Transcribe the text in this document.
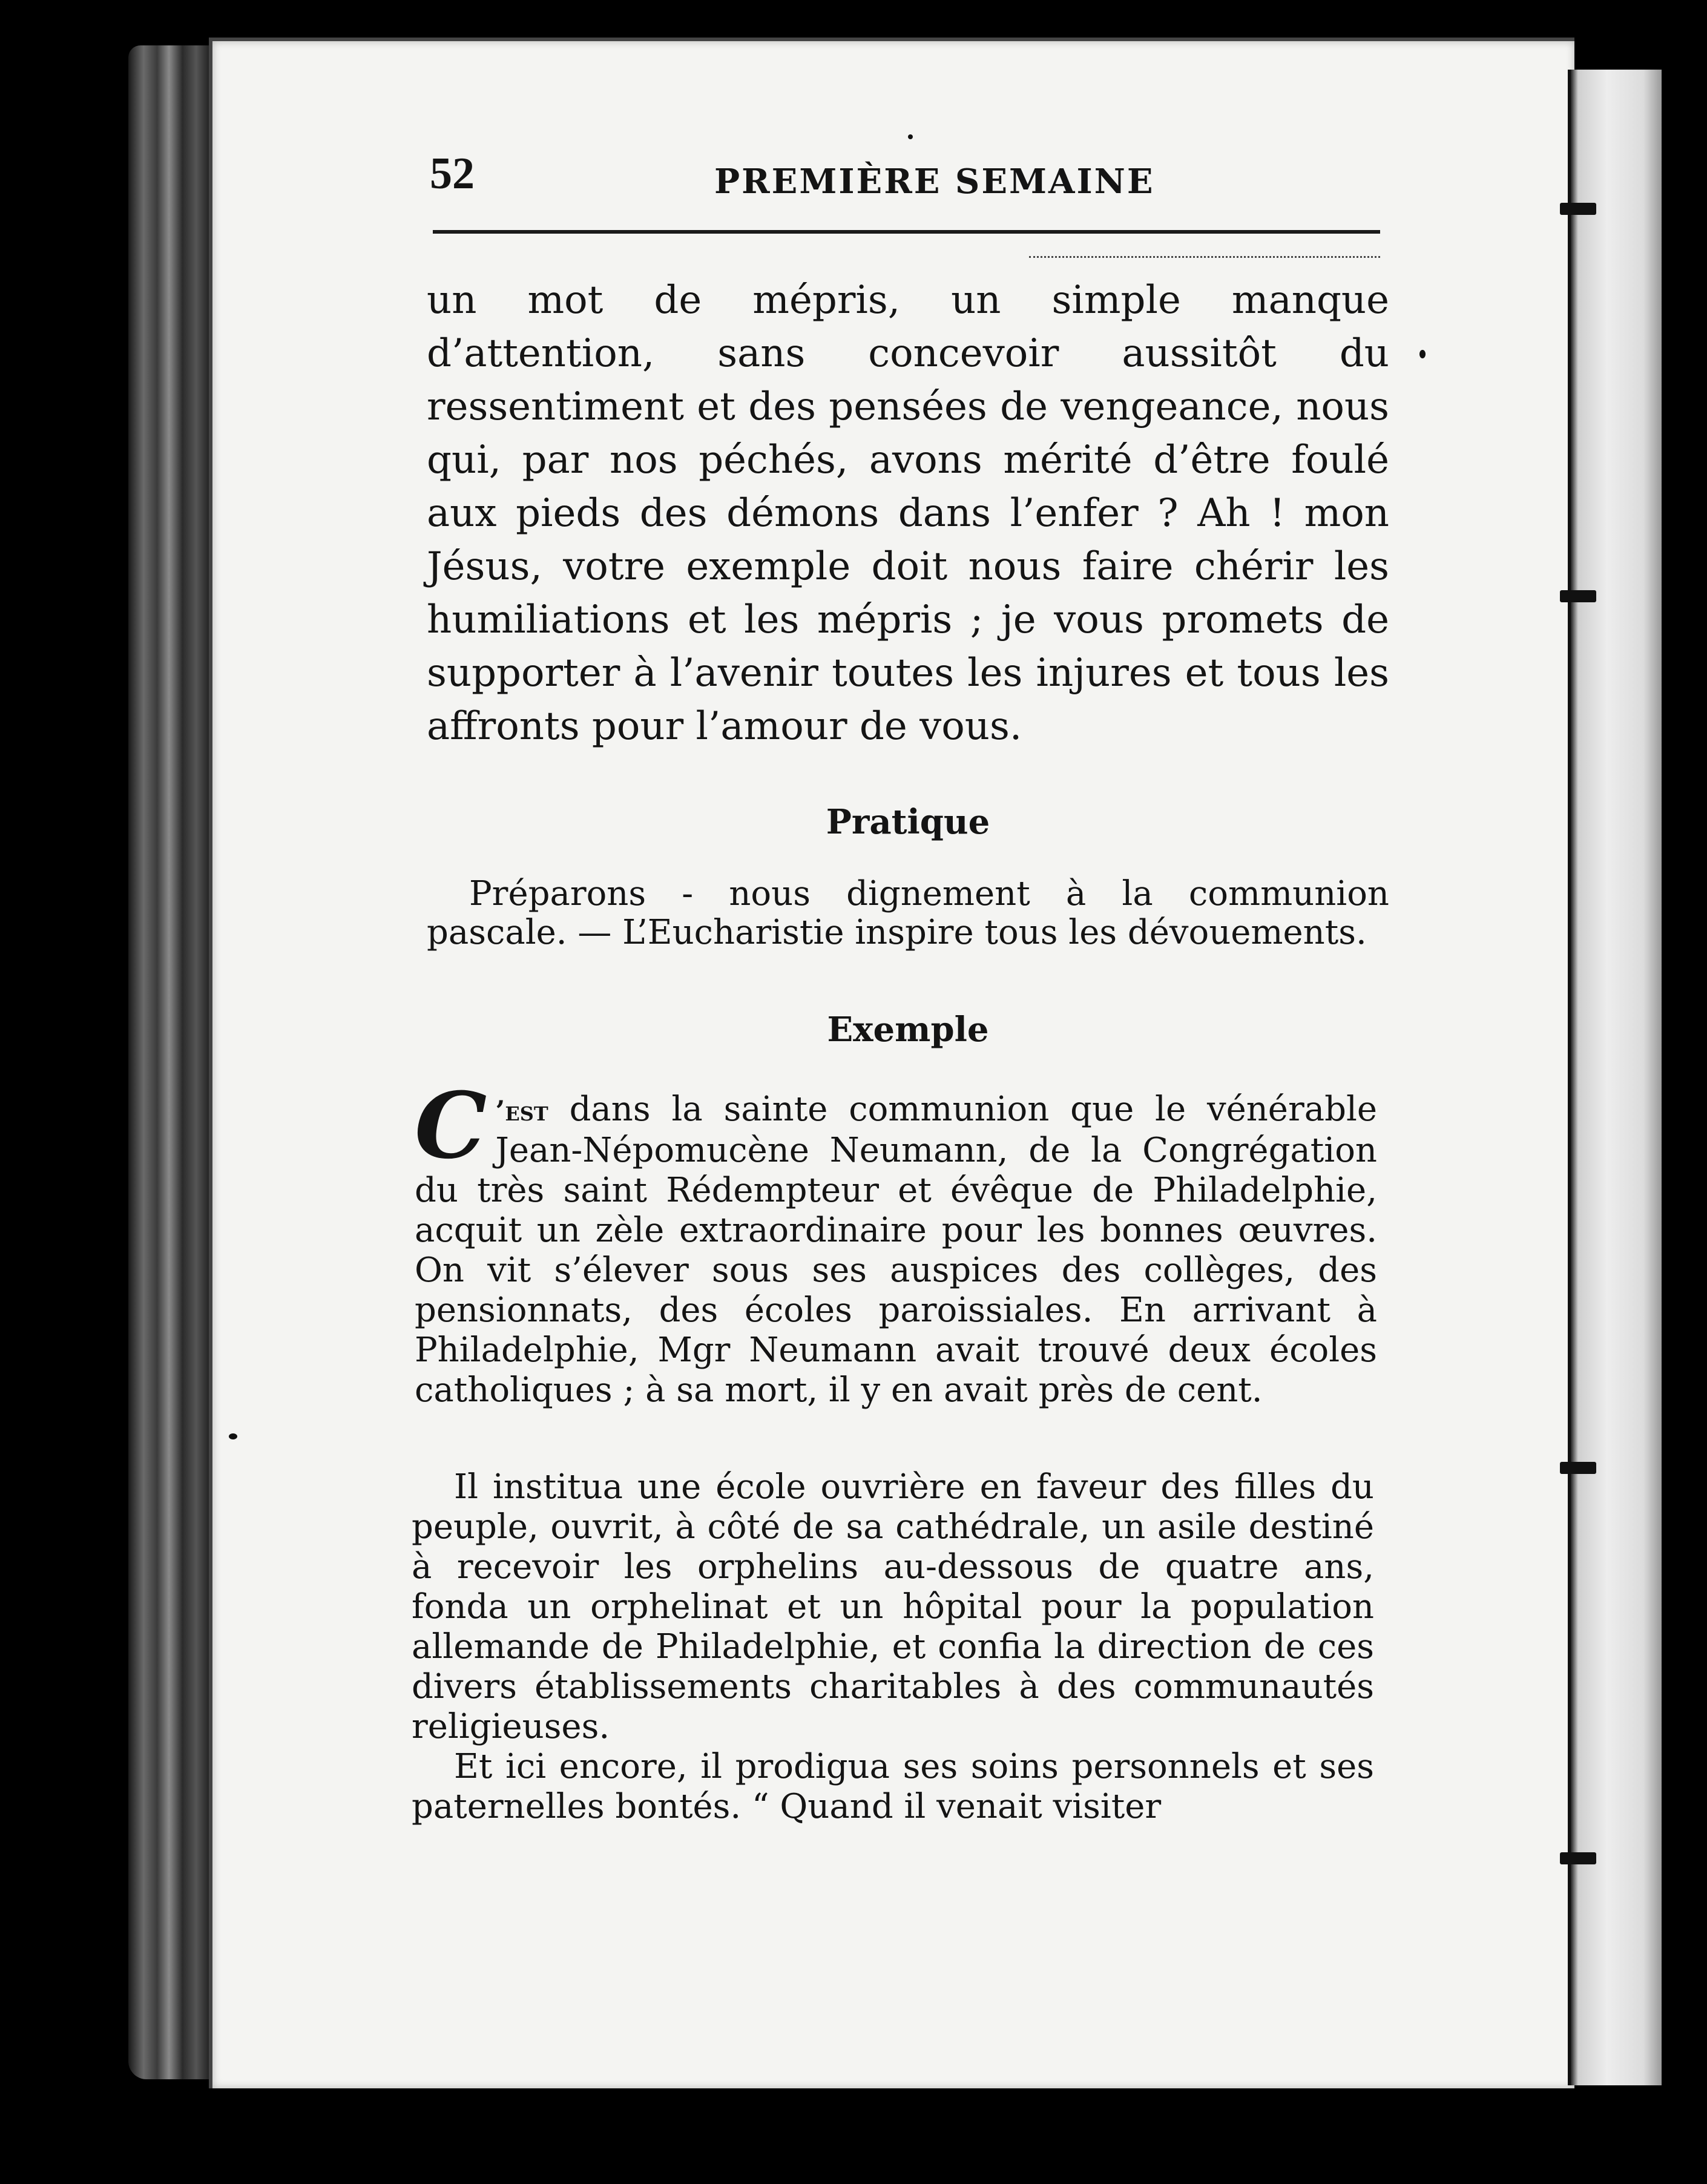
52	PREMIÈRE SEMAINE
un mot de mépris, un simple manque d’attention, sans concevoir aussitôt du ressentiment et des pensées de vengeance, nous qui, par nos péchés, avons mérité d’être foulé aux pieds des démons dans l’enfer ? Ah ! mon Jésus, votre exemple doit nous faire chérir les humiliations et les mépris ; je vous promets de supporter à l’avenir toutes les injures et tous les affronts pour l’amour de vous.
Pratique
Préparons - nous dignement à la communion pascale. — L’Eucharistie inspire tous les dévouements.
Exemple
C ’est dans la sainte communion que le vénérable Jean-Népomucène Neumann, de la Congrégation du très saint Rédempteur et évêque de Philadelphie, acquit un zèle extraordinaire pour les bonnes œuvres. On vit s’élever sous ses auspices des collèges, des pensionnats, des écoles paroissiales. En arrivant à Philadelphie, Mgr Neumann avait trouvé deux écoles catholiques ; à sa mort, il y en avait près de cent.
Il institua une école ouvrière en faveur des filles du peuple, ouvrit, à côté de sa cathédrale, un asile destiné à recevoir les orphelins au-dessous de quatre ans, fonda un orphelinat et un hôpital pour la population allemande de Philadelphie, et confia la direction de ces divers établissements charitables à des communautés religieuses.
Et ici encore, il prodigua ses soins personnels et ses paternelles bontés. “ Quand il venait visiter
